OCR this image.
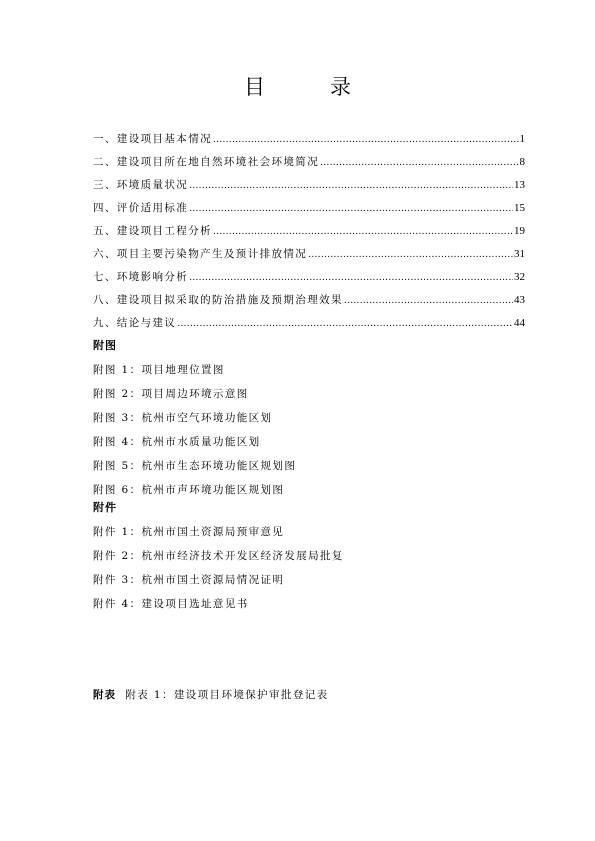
目　录
一、建设项目基本情况 .....	1
二、建设项目所在地自然环境社会环境简况 .....	8
三、环境质量状况 .....	13
四、评价适用标准 .....	15
五、建设项目工程分析 .....	19
六、项目主要污染物产生及预计排放情况 .....	31
七、环境影响分析 .....	32
八、建设项目拟采取的防治措施及预期治理效果 .....	43
九、结论与建议 .....	44
附图
附图 1：项目地理位置图
附图 2：项目周边环境示意图
附图 3：杭州市空气环境功能区划
附图 4：杭州市水质量功能区划
附图 5：杭州市生态环境功能区规划图
附图 6：杭州市声环境功能区规划图
附件
附件 1：杭州市国土资源局预审意见
附件 2：杭州市经济技术开发区经济发展局批复
附件 3：杭州市国土资源局情况证明
附件 4：建设项目选址意见书
附表 附表 1：建设项目环境保护审批登记表
